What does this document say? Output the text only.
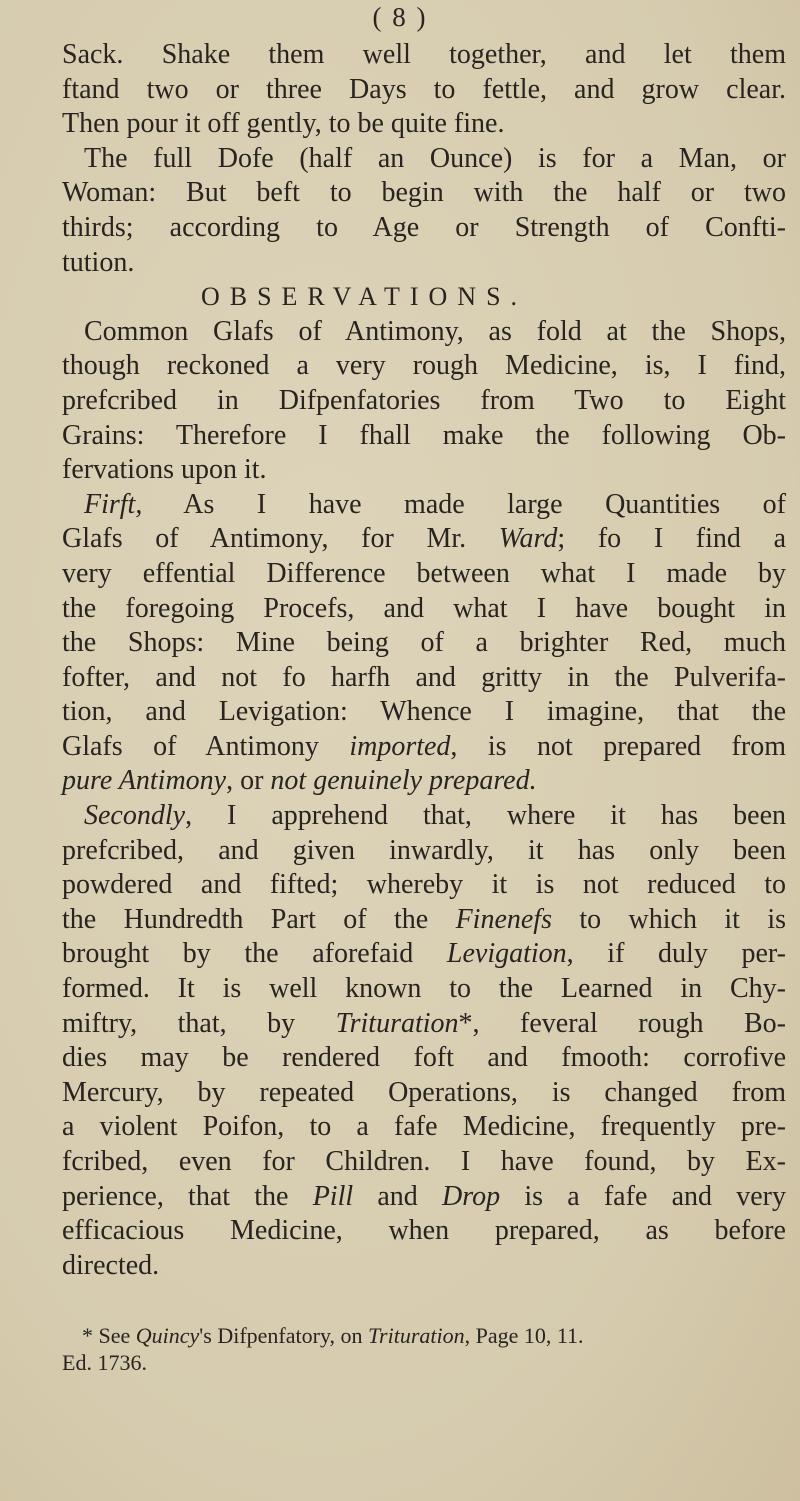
( 8 )
Sack. Shake them well together, and let them
ftand two or three Days to fettle, and grow clear.
Then pour it off gently, to be quite fine.
The full Dofe (half an Ounce) is for a Man, or
Woman: But beft to begin with the half or two
thirds; according to Age or Strength of Confti-
tution.
OBSERVATIONS.
Common Glafs of Antimony, as fold at the Shops,
though reckoned a very rough Medicine, is, I find,
prefcribed in Difpenfatories from Two to Eight
Grains: Therefore I fhall make the following Ob-
fervations upon it.
Firft, As I have made large Quantities of
Glafs of Antimony, for Mr. Ward; fo I find a
very effential Difference between what I made by
the foregoing Procefs, and what I have bought in
the Shops: Mine being of a brighter Red, much
fofter, and not fo harfh and gritty in the Pulverifa-
tion, and Levigation: Whence I imagine, that the
Glafs of Antimony imported, is not prepared from
pure Antimony, or not genuinely prepared.
Secondly, I apprehend that, where it has been
prefcribed, and given inwardly, it has only been
powdered and fifted; whereby it is not reduced to
the Hundredth Part of the Finenefs to which it is
brought by the aforefaid Levigation, if duly per-
formed. It is well known to the Learned in Chy-
miftry, that, by Trituration*, feveral rough Bo-
dies may be rendered foft and fmooth: corrofive
Mercury, by repeated Operations, is changed from
a violent Poifon, to a fafe Medicine, frequently pre-
fcribed, even for Children. I have found, by Ex-
perience, that the Pill and Drop is a fafe and very
efficacious Medicine, when prepared, as before
directed.
* See Quincy's Difpenfatory, on Trituration, Page 10, 11.
Ed. 1736.
